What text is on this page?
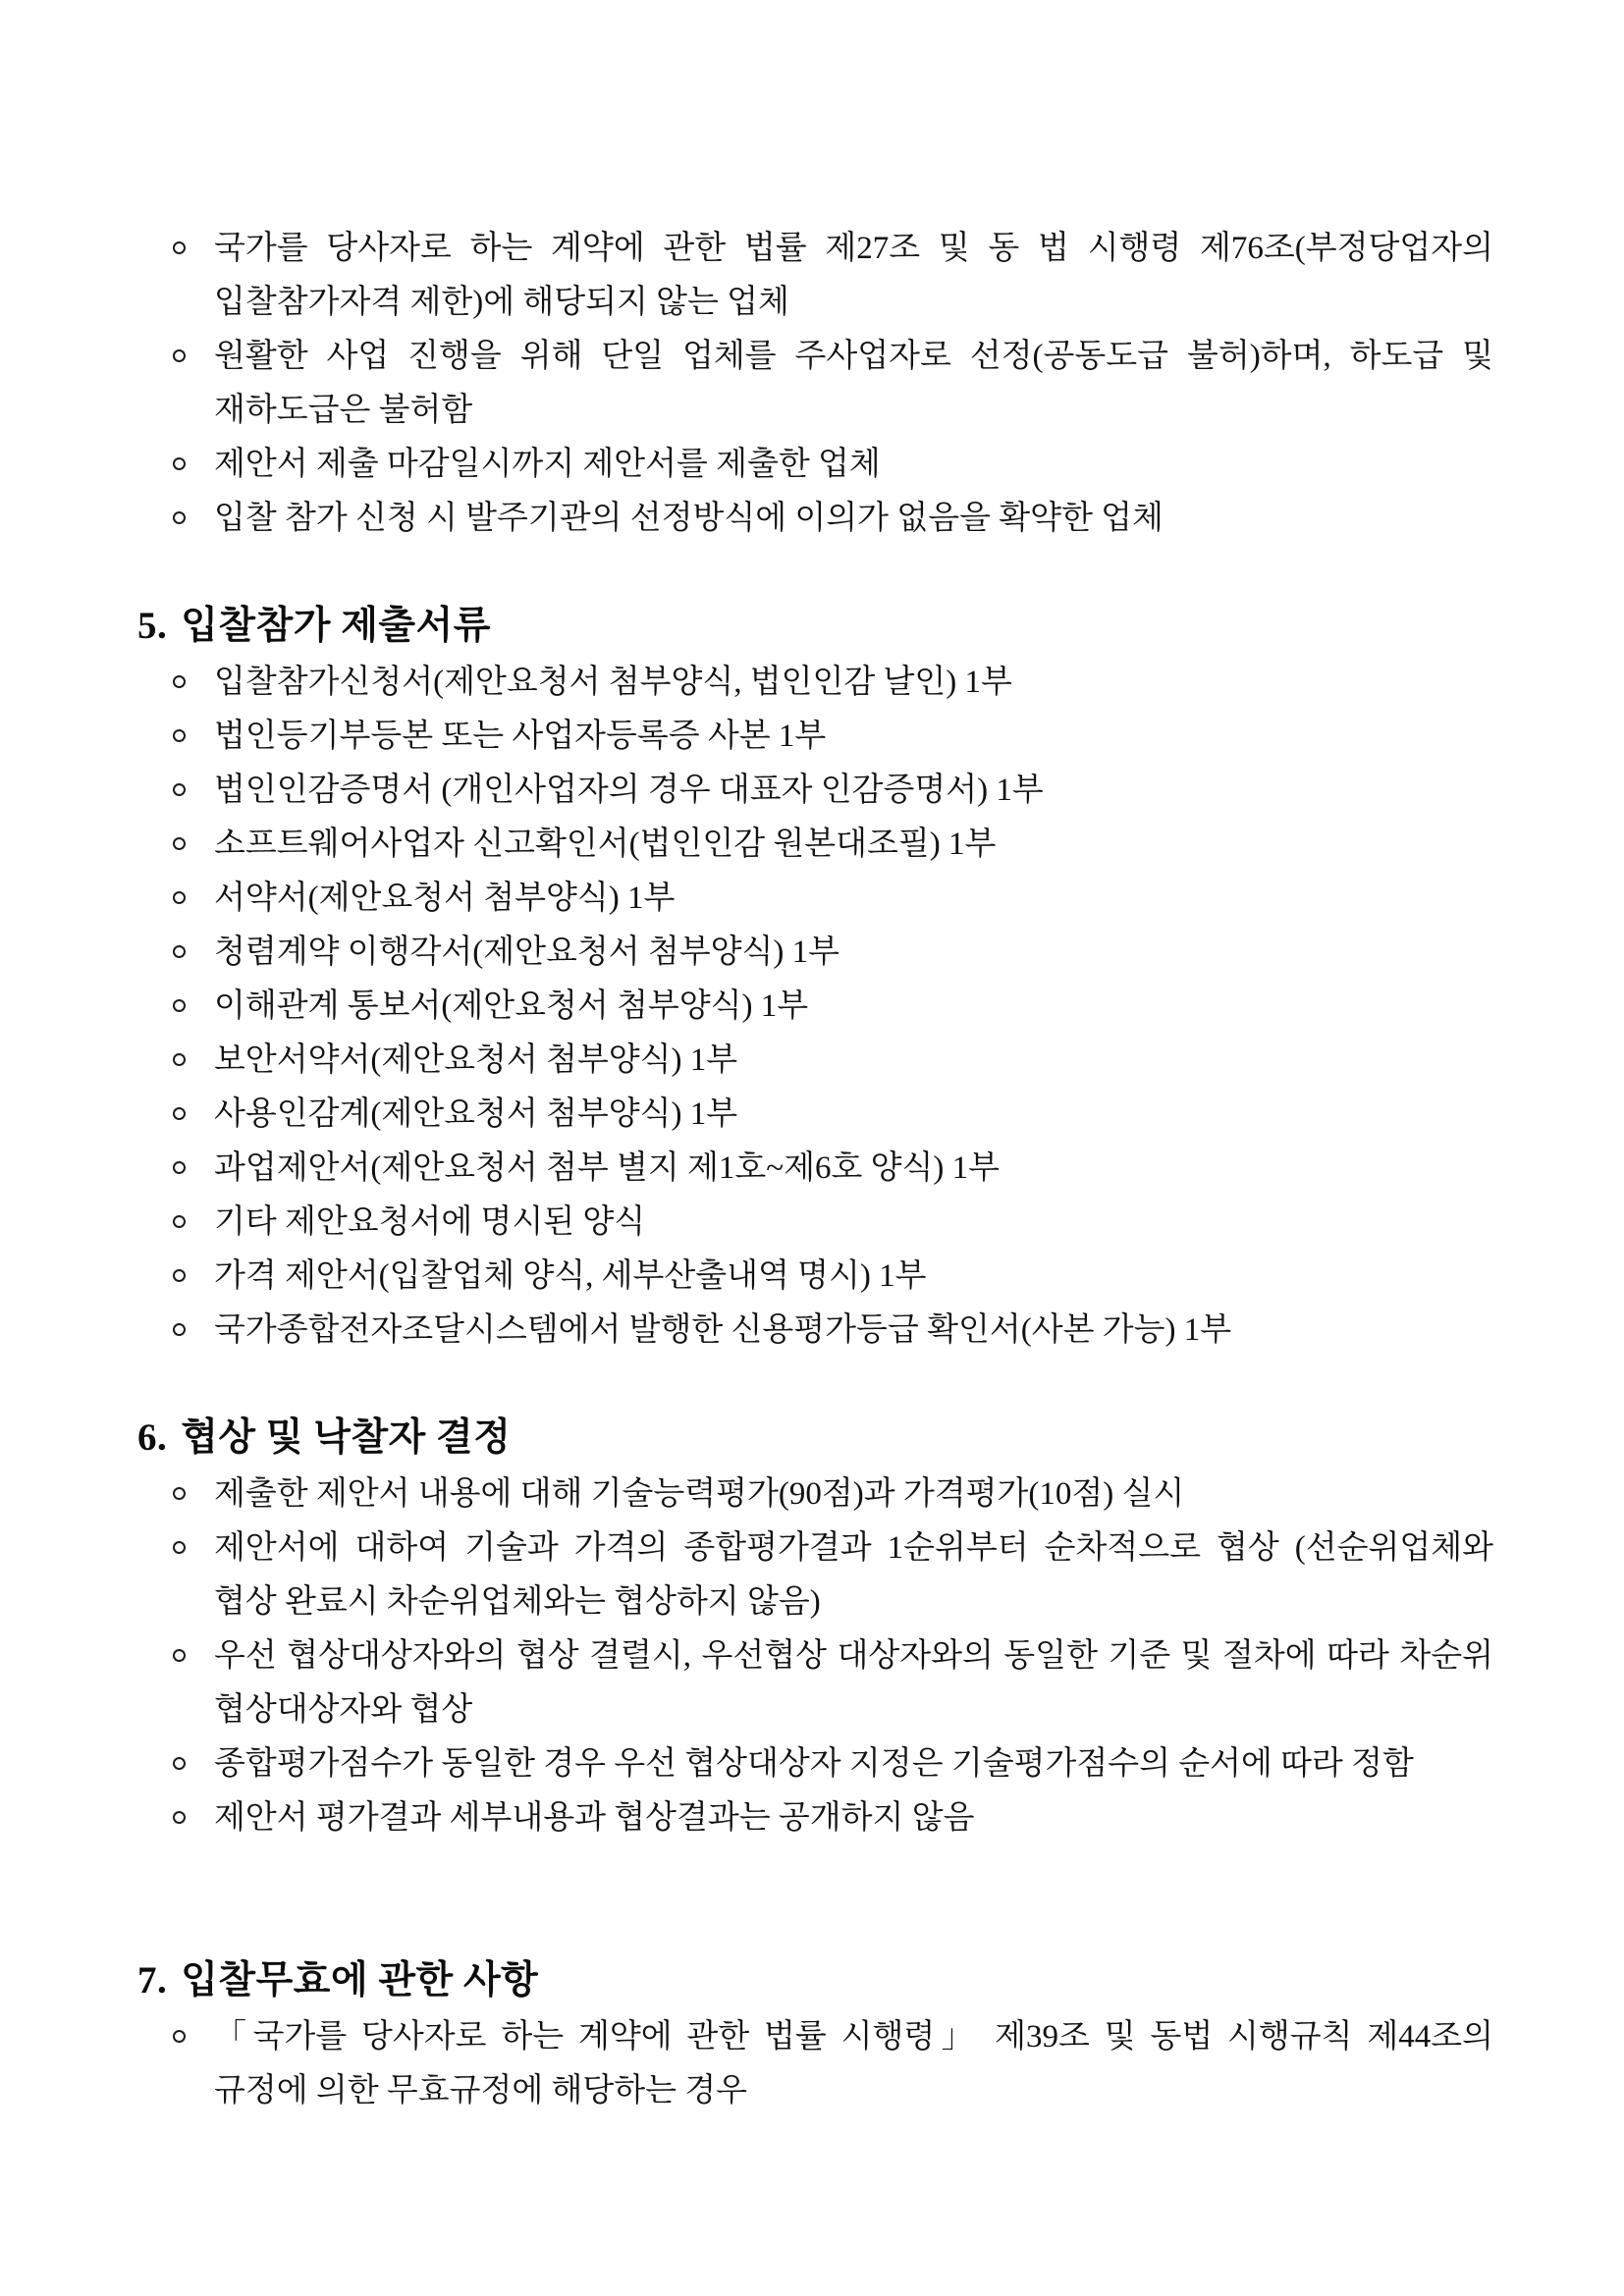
국가를 당사자로 하는 계약에 관한 법률 제27조 및 동 법 시행령 제76조(부정당업자의 입찰참가자격 제한)에 해당되지 않는 업체
원활한 사업 진행을 위해 단일 업체를 주사업자로 선정(공동도급 불허)하며, 하도급 및 재하도급은 불허함
제안서 제출 마감일시까지 제안서를 제출한 업체
입찰 참가 신청 시 발주기관의 선정방식에 이의가 없음을 확약한 업체
5. 입찰참가 제출서류
입찰참가신청서(제안요청서 첨부양식, 법인인감 날인) 1부
법인등기부등본 또는 사업자등록증 사본 1부
법인인감증명서 (개인사업자의 경우 대표자 인감증명서) 1부
소프트웨어사업자 신고확인서(법인인감 원본대조필) 1부
서약서(제안요청서 첨부양식) 1부
청렴계약 이행각서(제안요청서 첨부양식) 1부
이해관계 통보서(제안요청서 첨부양식) 1부
보안서약서(제안요청서 첨부양식) 1부
사용인감계(제안요청서 첨부양식) 1부
과업제안서(제안요청서 첨부 별지 제1호~제6호 양식) 1부
기타 제안요청서에 명시된 양식
가격 제안서(입찰업체 양식, 세부산출내역 명시) 1부
국가종합전자조달시스템에서 발행한 신용평가등급 확인서(사본 가능) 1부
6. 협상 및 낙찰자 결정
제출한 제안서 내용에 대해 기술능력평가(90점)과 가격평가(10점) 실시
제안서에 대하여 기술과 가격의 종합평가결과 1순위부터 순차적으로 협상 (선순위업체와 협상 완료시 차순위업체와는 협상하지 않음)
우선 협상대상자와의 협상 결렬시, 우선협상 대상자와의 동일한 기준 및 절차에 따라 차순위 협상대상자와 협상
종합평가점수가 동일한 경우 우선 협상대상자 지정은 기술평가점수의 순서에 따라 정함
제안서 평가결과 세부내용과 협상결과는 공개하지 않음
7. 입찰무효에 관한 사항
「국가를 당사자로 하는 계약에 관한 법률 시행령」 제39조 및 동법 시행규칙 제44조의 규정에 의한 무효규정에 해당하는 경우
